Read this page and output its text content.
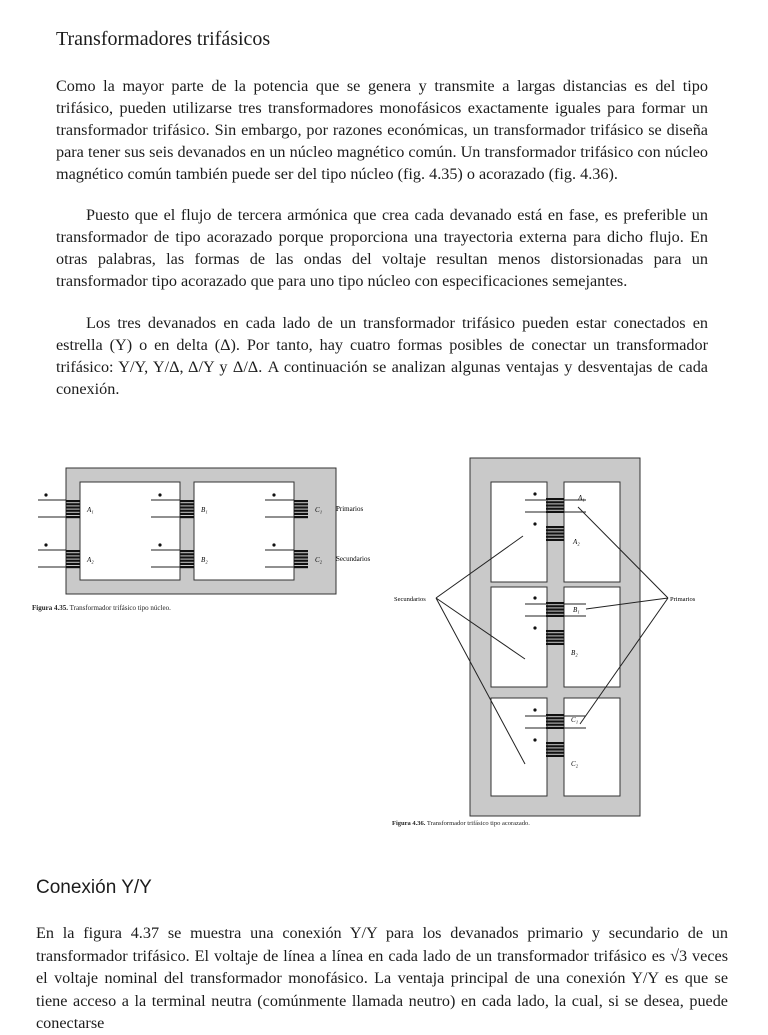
Transformadores trifásicos

Como la mayor parte de la potencia que se genera y transmite a largas distancias es del tipo trifásico, pueden utilizarse tres transformadores monofásicos exactamente iguales para formar un transformador trifásico. Sin embargo, por razones económicas, un transformador trifásico se diseña para tener sus seis devanados en un núcleo magnético común. Un transformador trifásico con núcleo magnético común también puede ser del tipo núcleo (fig. 4.35) o acorazado (fig. 4.36).

Puesto que el flujo de tercera armónica que crea cada devanado está en fase, es preferible un transformador de tipo acorazado porque proporciona una trayectoria externa para dicho flujo. En otras palabras, las formas de las ondas del voltaje resultan menos distorsionadas para un transformador tipo acorazado que para uno tipo núcleo con especificaciones semejantes.

Los tres devanados en cada lado de un transformador trifásico pueden estar conectados en estrella (Y) o en delta (Δ). Por tanto, hay cuatro formas posibles de conectar un transformador trifásico: Y/Y, Y/Δ, Δ/Y y Δ/Δ. A continuación se analizan algunas ventajas y desventajas de cada conexión.

A₁
A₂
B₁
B₂
C₁
C₂
Primarios
Secundarios
Figura 4.35. Transformador trifásico tipo núcleo.
A₁
A₂
B₁
B₂
C₁
C₂
Secundarios	Primarios
Figura 4.36. Transformador trifásico tipo acorazado.
Conexión Y/Y

En la figura 4.37 se muestra una conexión Y/Y para los devanados primario y secundario de un transformador trifásico. El voltaje de línea a línea en cada lado de un transformador trifásico es √3 veces el voltaje nominal del transformador monofásico. La ventaja principal de una conexión Y/Y es que se tiene acceso a la terminal neutra (comúnmente llamada neutro) en cada lado, la cual, si se desea, puede conectarse
